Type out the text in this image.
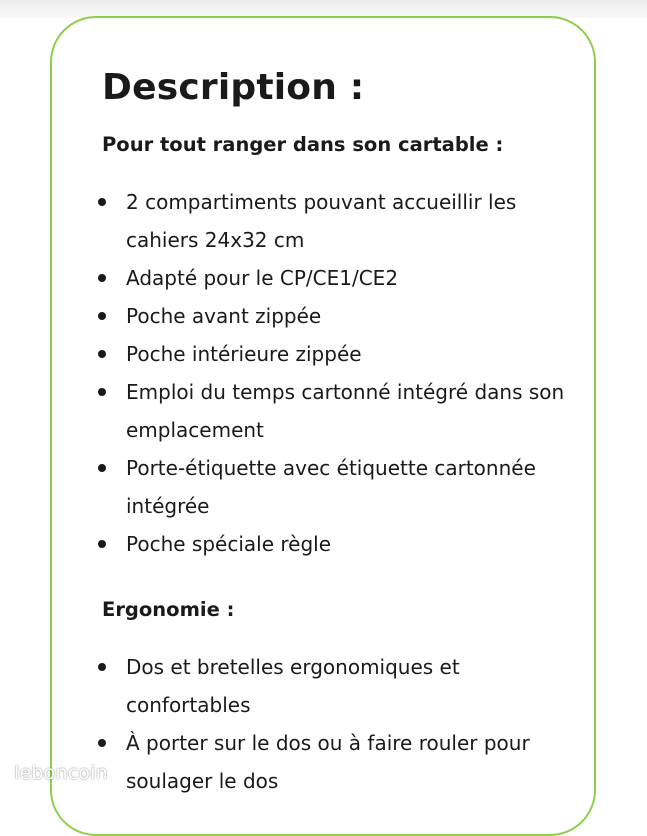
Description :

Pour tout ranger dans son cartable :

2 compartiments pouvant accueillir les cahiers 24x32 cm
Adapté pour le CP/CE1/CE2
Poche avant zippée
Poche intérieure zippée
Emploi du temps cartonné intégré dans son emplacement
Porte-étiquette avec étiquette cartonnée intégrée
Poche spéciale règle

Ergonomie :

Dos et bretelles ergonomiques et confortables
À porter sur le dos ou à faire rouler pour soulager le dos
leboncoin
